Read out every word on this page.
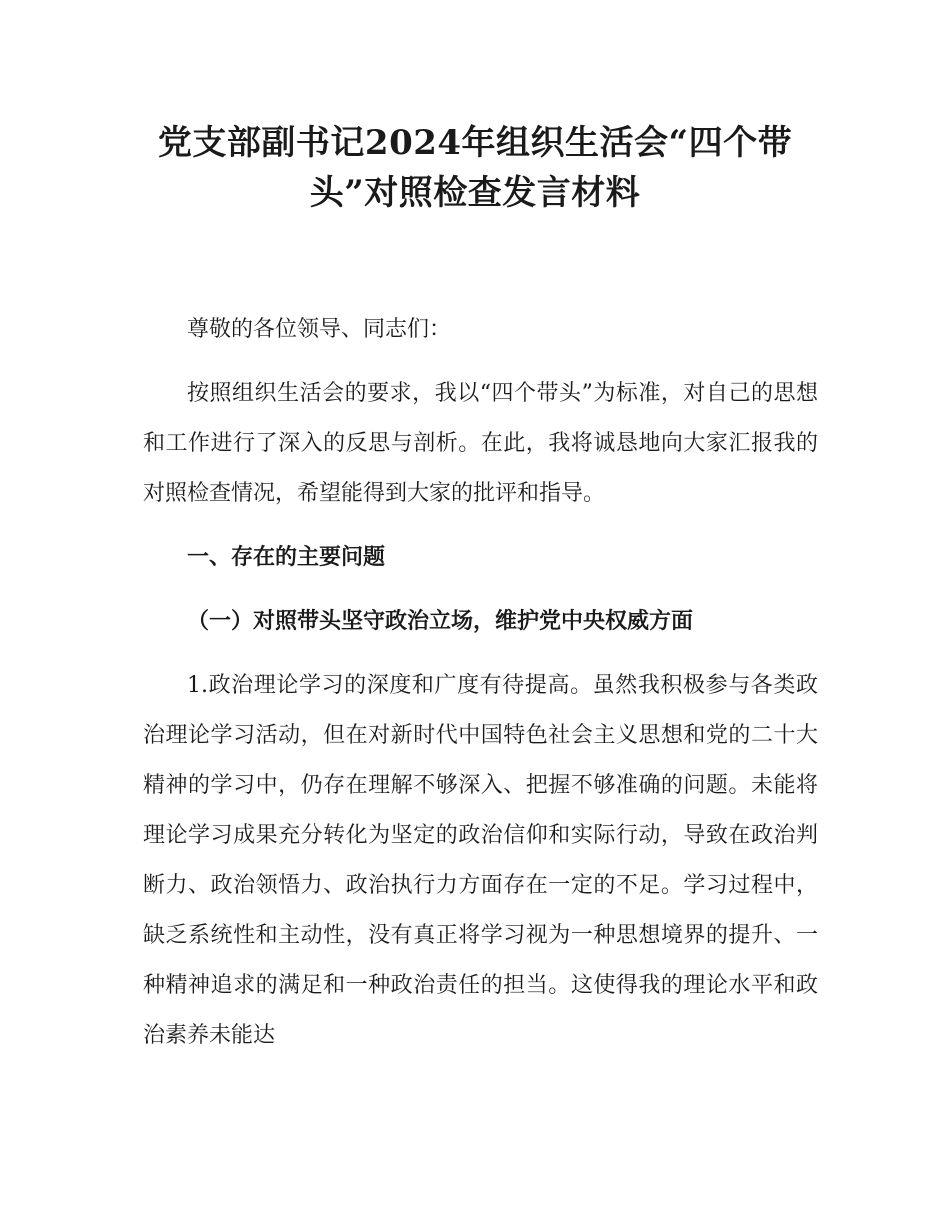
党支部副书记2024年组织生活会“四个带
头”对照检查发言材料

尊敬的各位领导、同志们：

按照组织生活会的要求，我以“四个带头”为标准，对自己的思想和工作进行了深入的反思与剖析。在此，我将诚恳地向大家汇报我的对照检查情况，希望能得到大家的批评和指导。

一、存在的主要问题

（一）对照带头坚守政治立场，维护党中央权威方面

1.政治理论学习的深度和广度有待提高。虽然我积极参与各类政治理论学习活动，但在对新时代中国特色社会主义思想和党的二十大精神的学习中，仍存在理解不够深入、把握不够准确的问题。未能将理论学习成果充分转化为坚定的政治信仰和实际行动，导致在政治判断力、政治领悟力、政治执行力方面存在一定的不足。学习过程中，缺乏系统性和主动性，没有真正将学习视为一种思想境界的提升、一种精神追求的满足和一种政治责任的担当。这使得我的理论水平和政治素养未能达
